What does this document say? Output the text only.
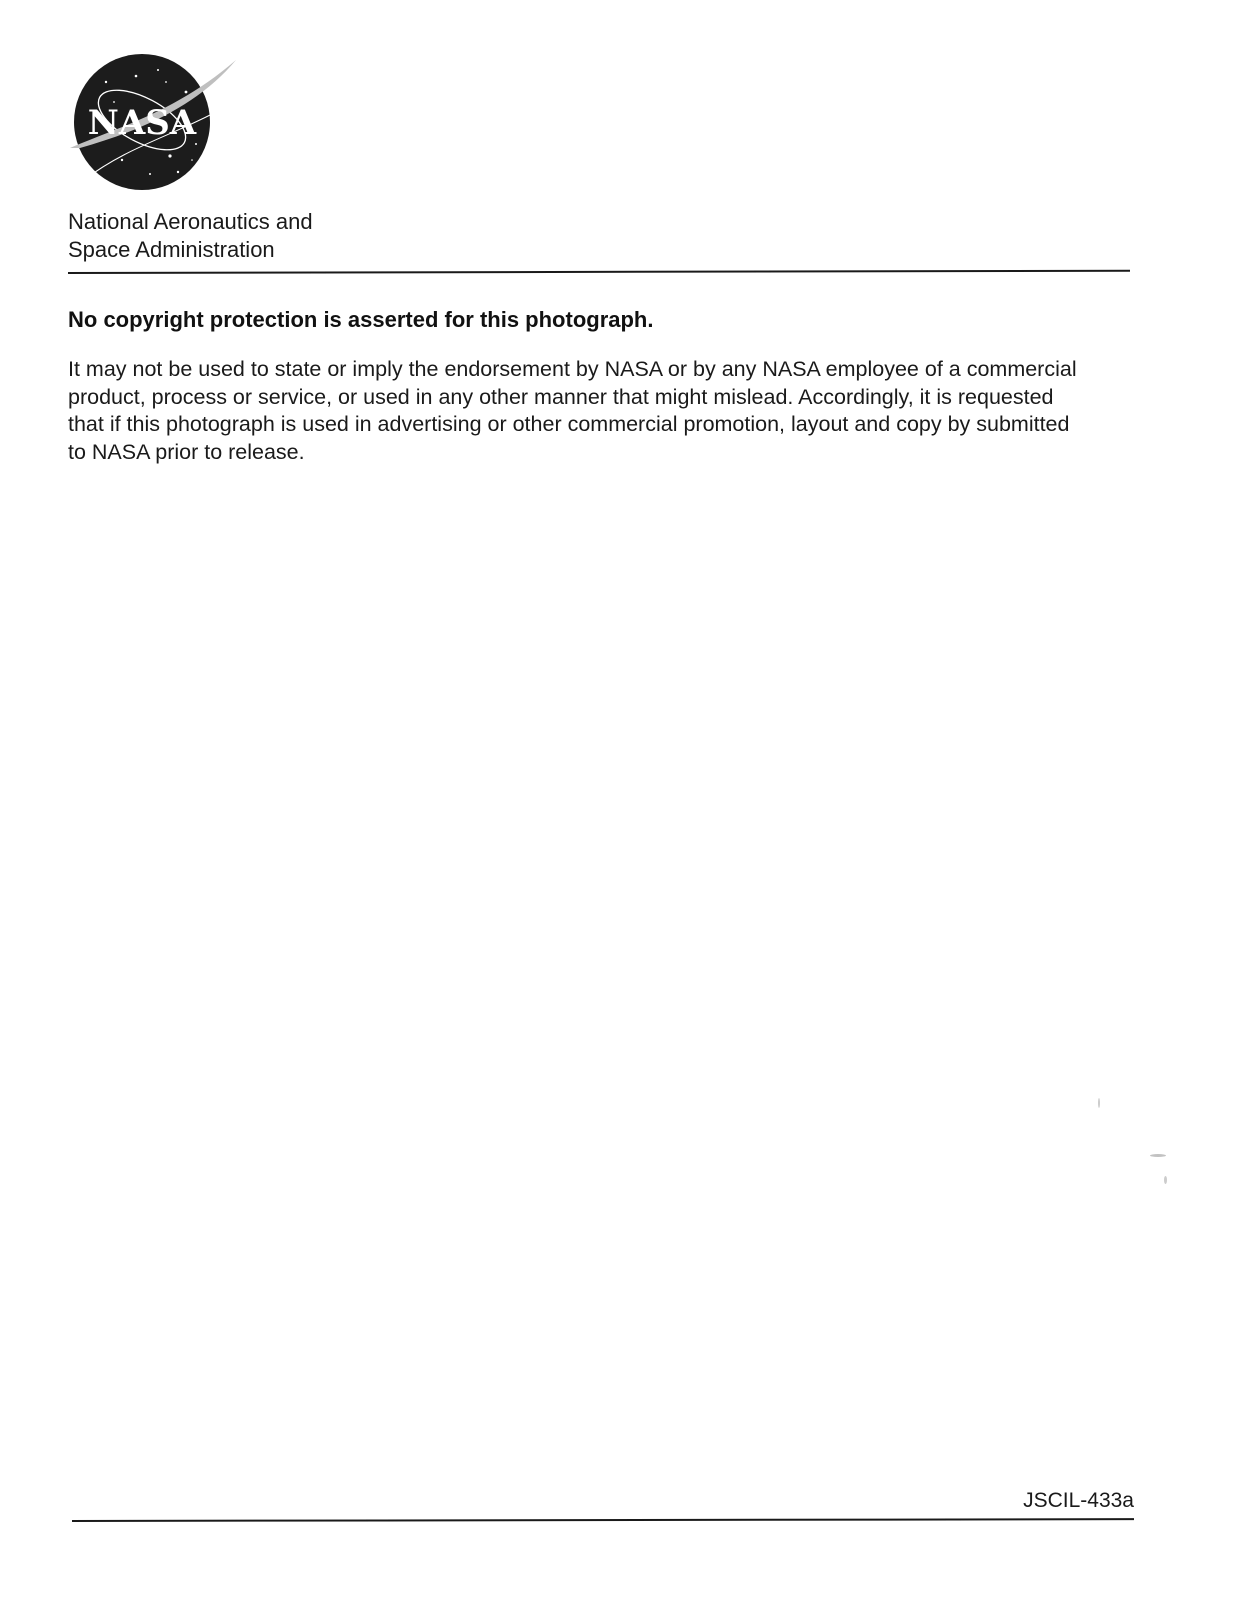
NASA
National Aeronautics and
Space Administration
No copyright protection is asserted for this photograph.

It may not be used to state or imply the endorsement by NASA or by any NASA employee of a commercial
product, process or service, or used in any other manner that might mislead. Accordingly, it is requested
that if this photograph is used in advertising or other commercial promotion, layout and copy by submitted
to NASA prior to release.

JSCIL-433a
